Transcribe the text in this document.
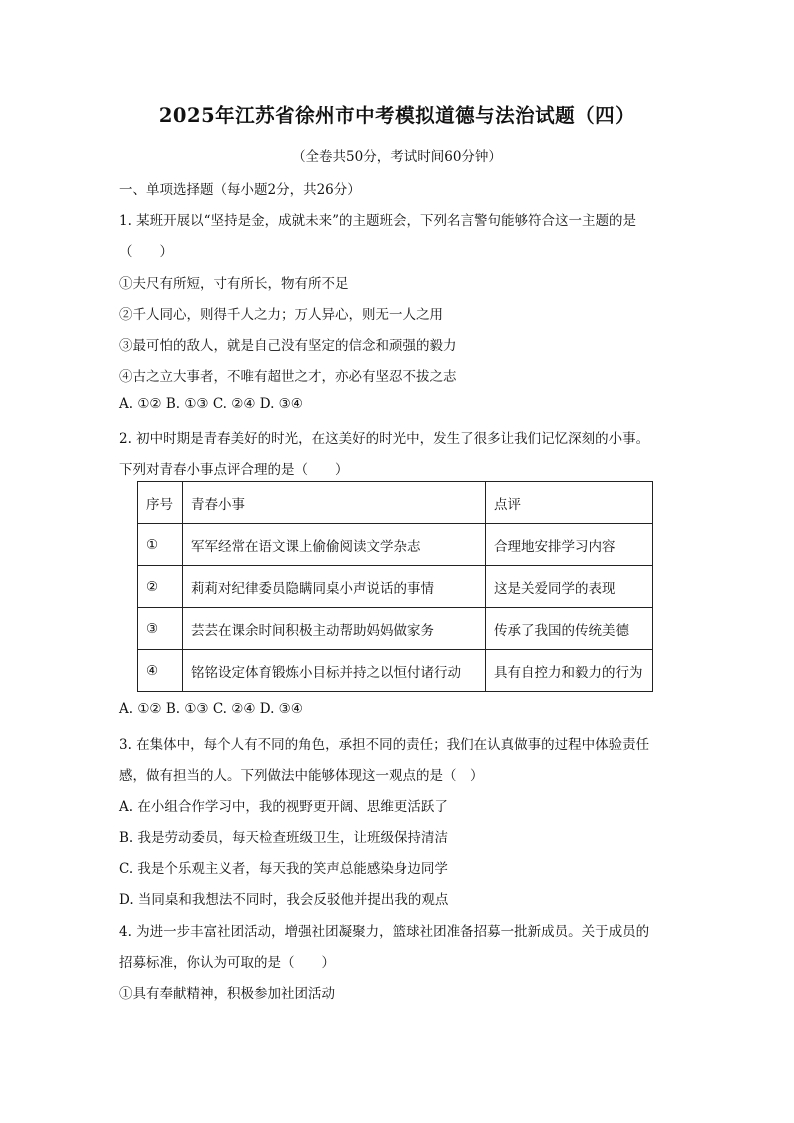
2025年江苏省徐州市中考模拟道德与法治试题（四）
（全卷共50分，考试时间60分钟）
一、单项选择题（每小题2分，共26分）
1. 某班开展以“坚持是金，成就未来”的主题班会，下列名言警句能够符合这一主题的是
（　　）
①夫尺有所短，寸有所长，物有所不足
②千人同心，则得千人之力；万人异心，则无一人之用
③最可怕的敌人，就是自己没有坚定的信念和顽强的毅力
④古之立大事者，不唯有超世之才，亦必有坚忍不拔之志
A. ①② B. ①③ C. ②④ D. ③④
2. 初中时期是青春美好的时光，在这美好的时光中，发生了很多让我们记忆深刻的小事。
下列对青春小事点评合理的是（　　）
序号	青春小事	点评
①	军军经常在语文课上偷偷阅读文学杂志	合理地安排学习内容
②	莉莉对纪律委员隐瞒同桌小声说话的事情	这是关爱同学的表现
③	芸芸在课余时间积极主动帮助妈妈做家务	传承了我国的传统美德
④	铭铭设定体育锻炼小目标并持之以恒付诸行动	具有自控力和毅力的行为
A. ①② B. ①③ C. ②④ D. ③④
3. 在集体中，每个人有不同的角色，承担不同的责任；我们在认真做事的过程中体验责任
感，做有担当的人。下列做法中能够体现这一观点的是（　）
A. 在小组合作学习中，我的视野更开阔、思维更活跃了
B. 我是劳动委员，每天检查班级卫生，让班级保持清洁
C. 我是个乐观主义者，每天我的笑声总能感染身边同学
D. 当同桌和我想法不同时，我会反驳他并提出我的观点
4. 为进一步丰富社团活动，增强社团凝聚力，篮球社团准备招募一批新成员。关于成员的
招募标准，你认为可取的是（　　）
①具有奉献精神，积极参加社团活动
